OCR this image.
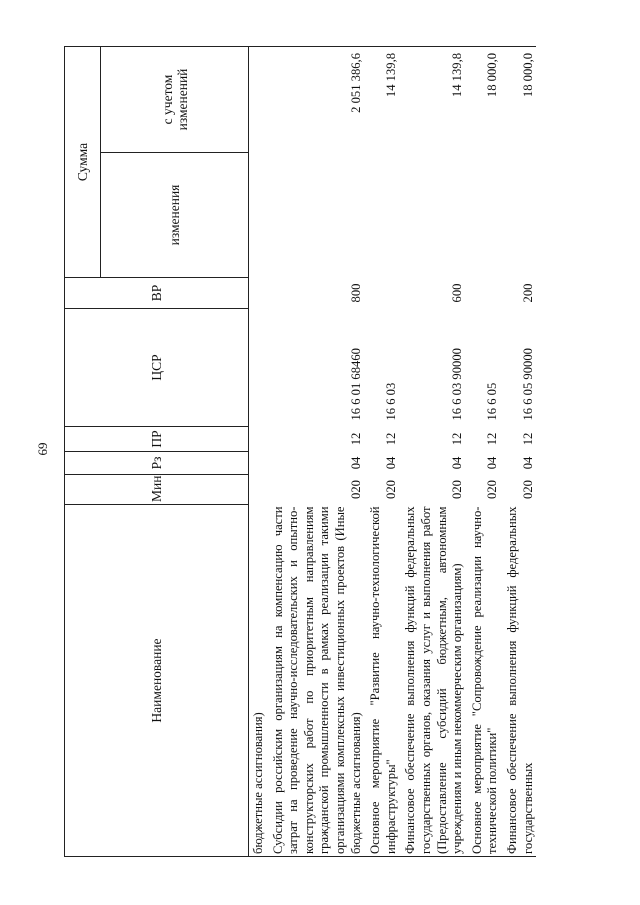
69
Наименование	Мин	Рз	ПР	ЦСР	ВР	Сумма	
						изменения	с учетом изменений
бюджетные ассигнования)							
Субсидии российским организациям на компенсацию части затрат на проведение научно-исследовательских и опытно-конструкторских работ по приоритетным направлениям гражданской промышленности в рамках реализации такими организациями комплексных инвестиционных проектов (Иные бюджетные ассигнования)	020	04	12	16 6 01 68460	800		2 051 386,6
Основное мероприятие "Развитие научно-технологической инфраструктуры"	020	04	12	16 6 03			14 139,8
Финансовое обеспечение выполнения функций федеральных государственных органов, оказания услуг и выполнения работ (Предоставление субсидий бюджетным, автономным учреждениям и иным некоммерческим организациям)	020	04	12	16 6 03 90000	600		14 139,8
Основное мероприятие "Сопровождение реализации научно-технической политики"	020	04	12	16 6 05			18 000,0
Финансовое обеспечение выполнения функций федеральных государственных	020	04	12	16 6 05 90000	200		18 000,0
